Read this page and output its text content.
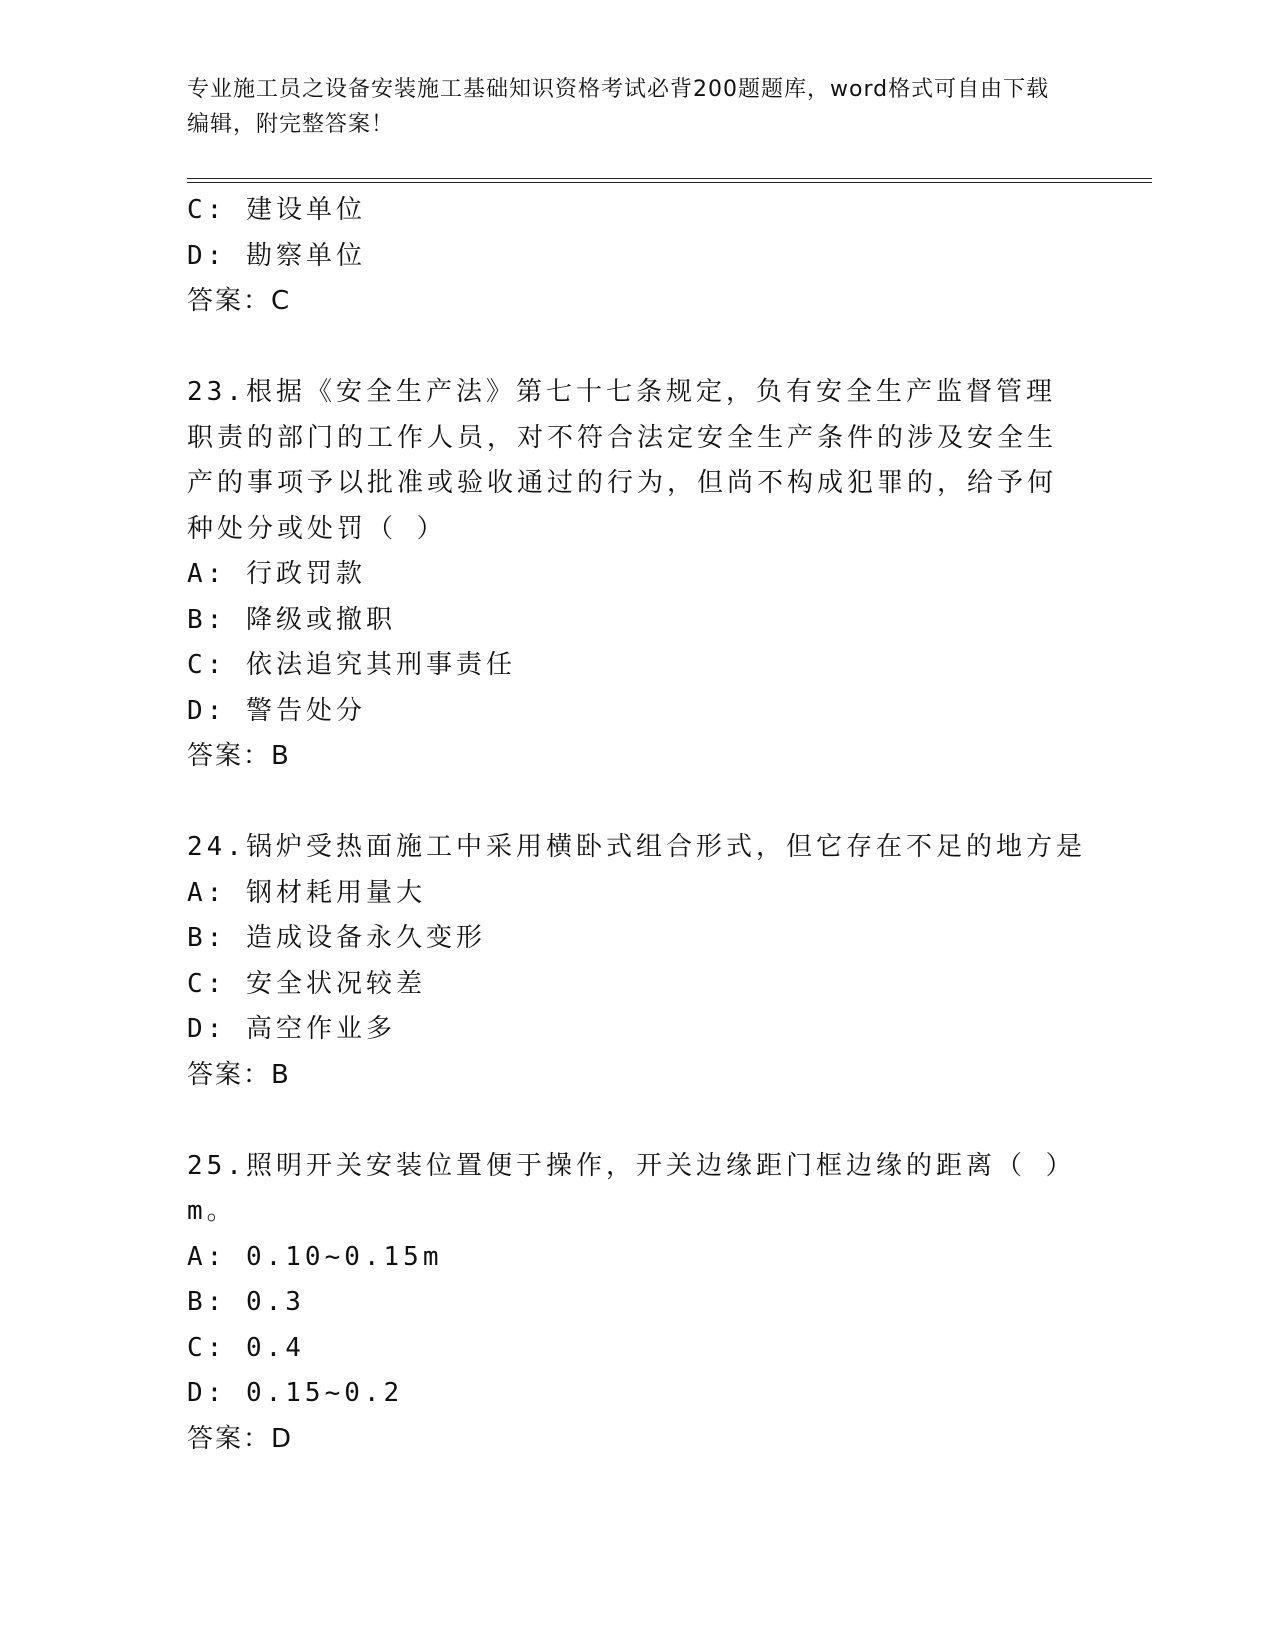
专业施工员之设备安装施工基础知识资格考试必背200题题库，word格式可自由下载编辑，附完整答案！
C: 建设单位
D: 勘察单位
答案：C
23.根据《安全生产法》第七十七条规定，负有安全生产监督管理职责的部门的工作人员，对不符合法定安全生产条件的涉及安全生产的事项予以批准或验收通过的行为，但尚不构成犯罪的，给予何种处分或处罚（ ）
A: 行政罚款
B: 降级或撤职
C: 依法追究其刑事责任
D: 警告处分
答案：B
24.锅炉受热面施工中采用横卧式组合形式，但它存在不足的地方是
A: 钢材耗用量大
B: 造成设备永久变形
C: 安全状况较差
D: 高空作业多
答案：B
25.照明开关安装位置便于操作，开关边缘距门框边缘的距离（ ）m。
A: 0.10~0.15m
B: 0.3
C: 0.4
D: 0.15~0.2
答案：D
